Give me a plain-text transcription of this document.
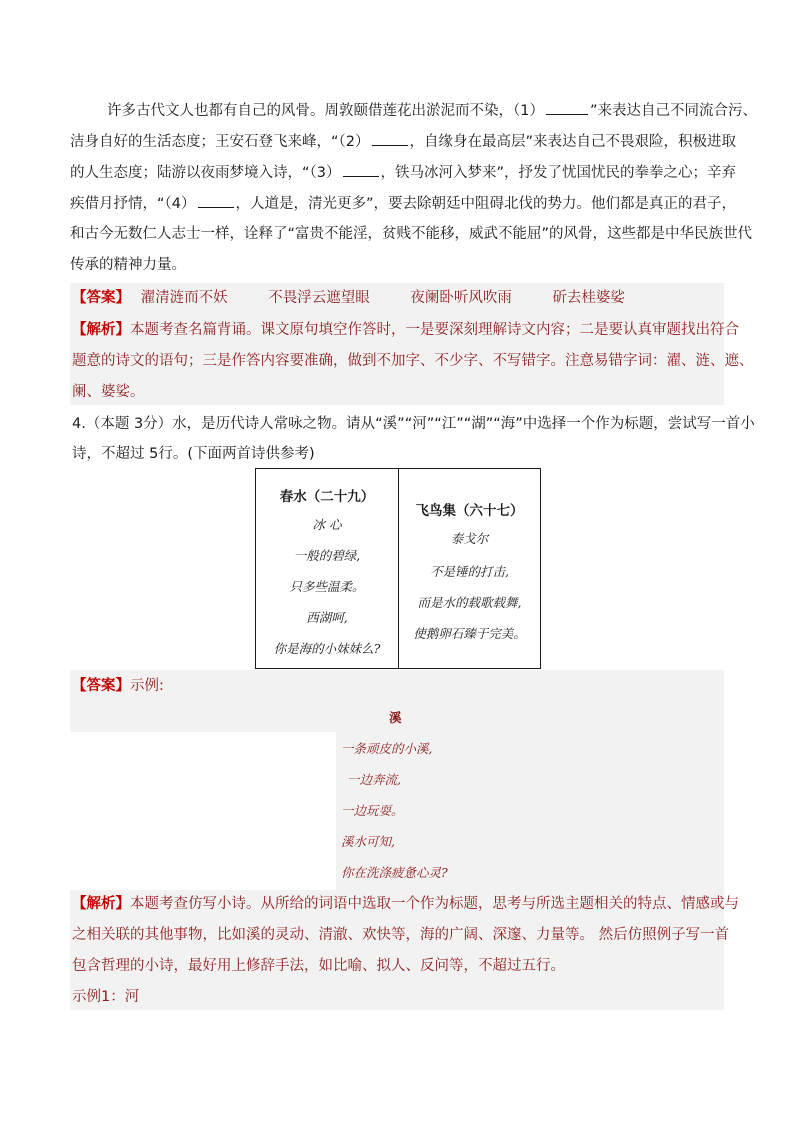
许多古代文人也都有自己的风骨。周敦颐借莲花出淤泥而不染，（1）	”来表达自己不同流合污、
洁身自好的生活态度；王安石登飞来峰，“（2）	，自缘身在最高层”来表达自己不畏艰险，积极进取
的人生态度；陆游以夜雨梦境入诗，“（3）	，铁马冰河入梦来”，抒发了忧国忧民的拳拳之心；辛弃
疾借月抒情，“（4）	，人道是，清光更多”，要去除朝廷中阻碍北伐的势力。他们都是真正的君子，
和古今无数仁人志士一样，诠释了“富贵不能淫，贫贱不能移，威武不能屈”的风骨，这些都是中华民族世代
传承的精神力量。
【答案】 濯清涟而不妖	不畏浮云遮望眼	夜阑卧听风吹雨	斫去桂婆娑
【解析】本题考查名篇背诵。课文原句填空作答时，一是要深刻理解诗文内容；二是要认真审题找出符合
题意的诗文的语句；三是作答内容要准确，做到不加字、不少字、不写错字。注意易错字词：濯、涟、遮、
阑、婆娑。
4.（本题 3分）水，是历代诗人常咏之物。请从“溪”“河”“江”“湖”“海”中选择一个作为标题，尝试写一首小
诗，不超过 5行。(下面两首诗供参考)
春水（二十九）
冰 心
一般的碧绿,
只多些温柔。
西湖呵,
你是海的小妹妹么?
飞鸟集（六十七）
泰戈尔
不是锤的打击,
而是水的载歌载舞,
使鹅卵石臻于完美。
【答案】示例:
溪
一条顽皮的小溪,
一边奔流,
一边玩耍。
溪水可知,
你在洗涤疲惫心灵?
【解析】本题考查仿写小诗。从所给的词语中选取一个作为标题，思考与所选主题相关的特点、情感或与
之相关联的其他事物，比如溪的灵动、清澈、欢快等，海的广阔、深邃、力量等。 然后仿照例子写一首
包含哲理的小诗，最好用上修辞手法，如比喻、拟人、反问等，不超过五行。
示例1：河
